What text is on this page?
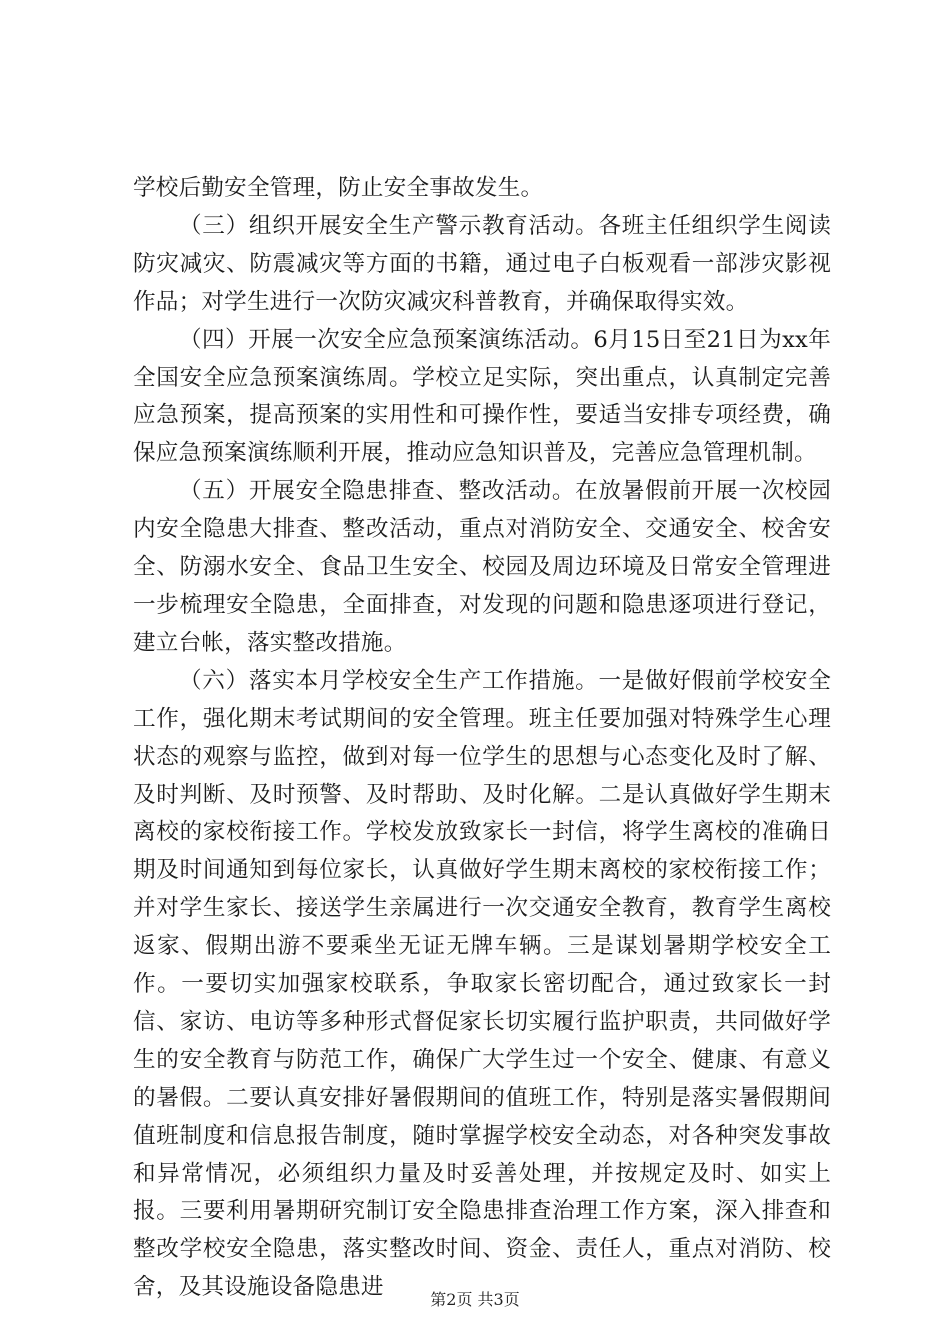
学校后勤安全管理，防止安全事故发生。

（三）组织开展安全生产警示教育活动。各班主任组织学生阅读防灾减灾、防震减灾等方面的书籍，通过电子白板观看一部涉灾影视作品；对学生进行一次防灾减灾科普教育，并确保取得实效。

（四）开展一次安全应急预案演练活动。6月15日至21日为xx年全国安全应急预案演练周。学校立足实际，突出重点，认真制定完善应急预案，提高预案的实用性和可操作性，要适当安排专项经费，确保应急预案演练顺利开展，推动应急知识普及，完善应急管理机制。

（五）开展安全隐患排查、整改活动。在放暑假前开展一次校园内安全隐患大排查、整改活动，重点对消防安全、交通安全、校舍安全、防溺水安全、食品卫生安全、校园及周边环境及日常安全管理进一步梳理安全隐患，全面排查，对发现的问题和隐患逐项进行登记，建立台帐，落实整改措施。

（六）落实本月学校安全生产工作措施。一是做好假前学校安全工作，强化期末考试期间的安全管理。班主任要加强对特殊学生心理状态的观察与监控，做到对每一位学生的思想与心态变化及时了解、及时判断、及时预警、及时帮助、及时化解。二是认真做好学生期末离校的家校衔接工作。学校发放致家长一封信，将学生离校的准确日期及时间通知到每位家长，认真做好学生期末离校的家校衔接工作；并对学生家长、接送学生亲属进行一次交通安全教育，教育学生离校返家、假期出游不要乘坐无证无牌车辆。三是谋划暑期学校安全工作。一要切实加强家校联系，争取家长密切配合，通过致家长一封信、家访、电访等多种形式督促家长切实履行监护职责，共同做好学生的安全教育与防范工作，确保广大学生过一个安全、健康、有意义的暑假。二要认真安排好暑假期间的值班工作，特别是落实暑假期间值班制度和信息报告制度，随时掌握学校安全动态，对各种突发事故和异常情况，必须组织力量及时妥善处理，并按规定及时、如实上报。三要利用暑期研究制订安全隐患排查治理工作方案，深入排查和整改学校安全隐患，落实整改时间、资金、责任人，重点对消防、校舍，及其设施设备隐患进	第2页 共3页
